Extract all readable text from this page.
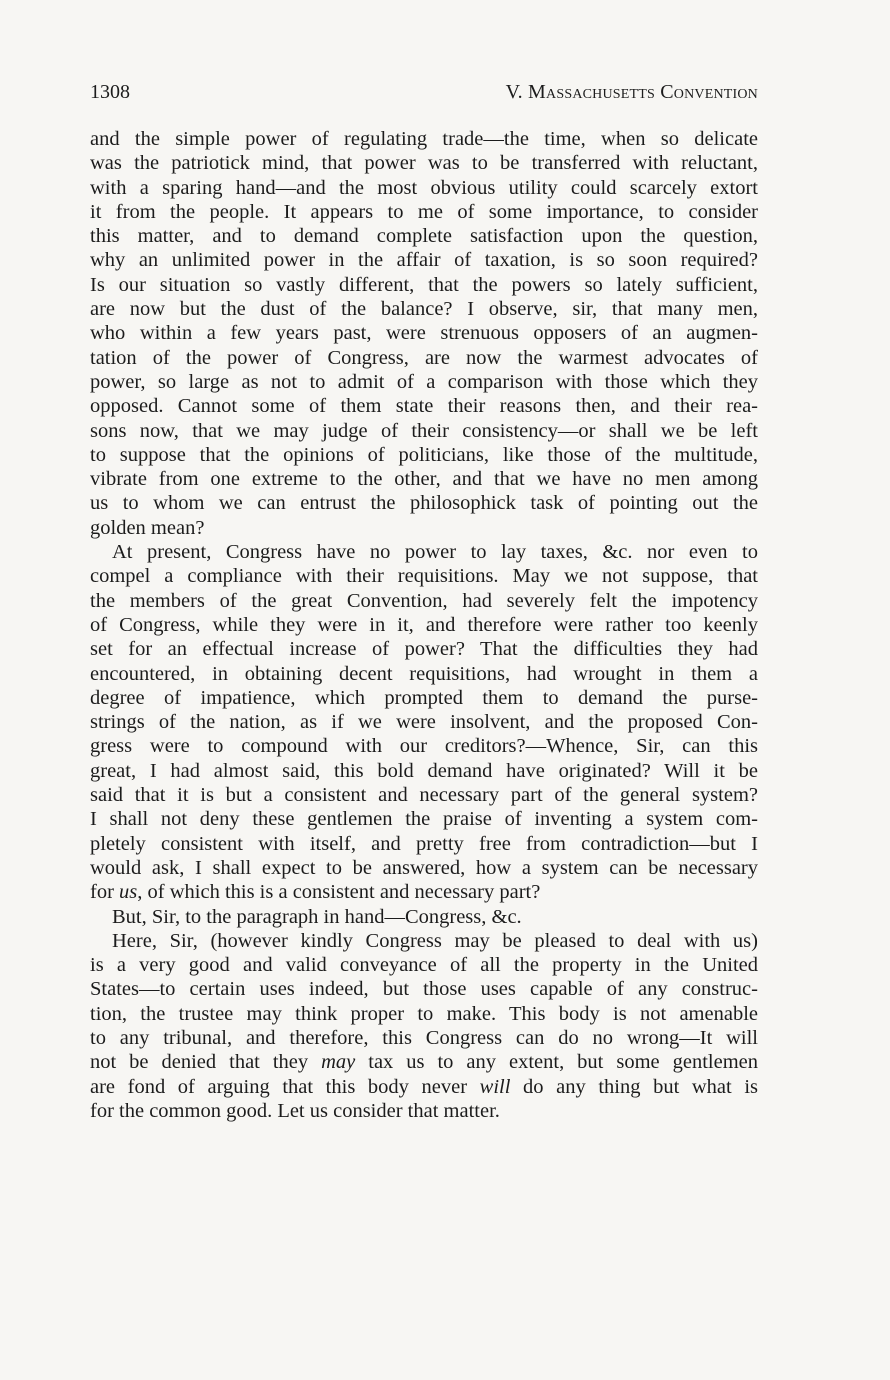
1308	V. Massachusetts Convention
and the simple power of regulating trade—the time, when so delicate
was the patriotick mind, that power was to be transferred with reluctant,
with a sparing hand—and the most obvious utility could scarcely extort
it from the people. It appears to me of some importance, to consider
this matter, and to demand complete satisfaction upon the question,
why an unlimited power in the affair of taxation, is so soon required?
Is our situation so vastly different, that the powers so lately sufficient,
are now but the dust of the balance? I observe, sir, that many men,
who within a few years past, were strenuous opposers of an augmen-
tation of the power of Congress, are now the warmest advocates of
power, so large as not to admit of a comparison with those which they
opposed. Cannot some of them state their reasons then, and their rea-
sons now, that we may judge of their consistency—or shall we be left
to suppose that the opinions of politicians, like those of the multitude,
vibrate from one extreme to the other, and that we have no men among
us to whom we can entrust the philosophick task of pointing out the
golden mean?
At present, Congress have no power to lay taxes, &c. nor even to
compel a compliance with their requisitions. May we not suppose, that
the members of the great Convention, had severely felt the impotency
of Congress, while they were in it, and therefore were rather too keenly
set for an effectual increase of power? That the difficulties they had
encountered, in obtaining decent requisitions, had wrought in them a
degree of impatience, which prompted them to demand the purse-
strings of the nation, as if we were insolvent, and the proposed Con-
gress were to compound with our creditors?—Whence, Sir, can this
great, I had almost said, this bold demand have originated? Will it be
said that it is but a consistent and necessary part of the general system?
I shall not deny these gentlemen the praise of inventing a system com-
pletely consistent with itself, and pretty free from contradiction—but I
would ask, I shall expect to be answered, how a system can be necessary
for us, of which this is a consistent and necessary part?
But, Sir, to the paragraph in hand—Congress, &c.
Here, Sir, (however kindly Congress may be pleased to deal with us)
is a very good and valid conveyance of all the property in the United
States—to certain uses indeed, but those uses capable of any construc-
tion, the trustee may think proper to make. This body is not amenable
to any tribunal, and therefore, this Congress can do no wrong—It will
not be denied that they may tax us to any extent, but some gentlemen
are fond of arguing that this body never will do any thing but what is
for the common good. Let us consider that matter.
